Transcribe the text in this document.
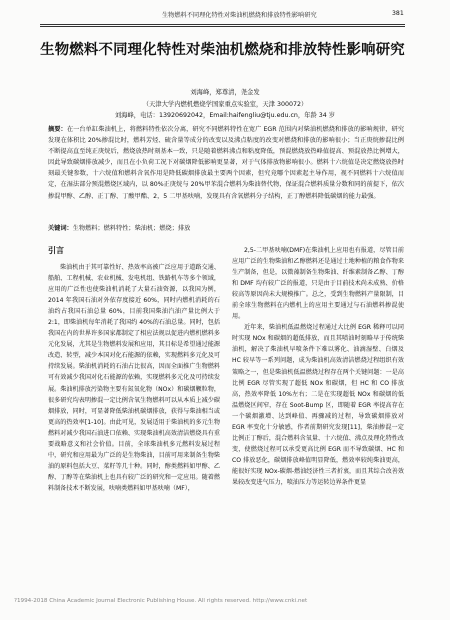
生物燃料不同理化特性对柴油机燃烧和排放特性影响研究	381
生物燃料不同理化特性对柴油机燃烧和排放特性影响研究
刘海峰，郑尊清，尧金发
（天津大学内燃机燃烧学国家重点实验室，天津 300072）
刘海峰，电话：13920692042，Email:haifengliu@tju.edu.cn，年龄 34 岁
摘要：在一台单缸柴油机上，将燃料特性依次分离，研究不同燃料特性在宽广 EGR 范围内对柴油机燃烧和排放的影响规律，研究发现在体积比 20%掺混比时，燃料芳烃、硫含量等成分的改变以及沸点粘度的改变对燃烧和排放的影响很小；当正庚烷掺混比例不断提高直至纯正庚烷后，燃烧放热时刻基本一致，只是随着燃料沸点和粘度降低，预混燃烧放热峰值提高、预混放热比例增大，因此导致碳烟排放减少，而且在小负荷工况下对碳烟降低影响更显著，对于气体排放物影响很小。燃料十六烷值是决定燃烧放热时刻最关键参数，十六烷值和燃料含氧作用是降低碳烟排放最主要两个因素，但究竟哪个因素起主导作用，视不同燃料十六烷值而定，在湿法部分预混燃烧区域内，以 80%正庚烷与 20%甲苯混合燃料为柴油替代物，保证混合燃料质量分数和同的前提下，依次掺混甲醇、乙醇、正丁醇、丁酸甲酯、2，5 二甲基呋喃，发现具有含氧燃料分子结构，正丁醇燃料降低碳烟的能力最强。
关键词：生物燃料；燃料特性；柴油机；燃烧；排放
引言
柴油机由于其可靠性好、热效率高被广泛应用于道路交通、船舶、工程机械、农业机械、发电机组、铁路机车等多个领域，应用的广泛性也使柴油机消耗了大量石油资源，以我国为例，2014 年我国石油对外依存度接近 60%，同时内燃机消耗的石油约占我国石油总量 60%，目前我国柴油汽油产量比例大于 2:1，即柴油机每年消耗了我国约 40%的石油总量。同时，包括我国在内的世界许多国家都制定了相应法规以促进内燃机燃料多元化发展，尤其是生物燃料发展和应用，其目标是希望通过能源改造、转型，减少本国对化石能源的依赖，实现燃料多元化及可持续发展。柴油机消耗的石油占比很高，因而全面推广生物燃料可有效减少我国对化石能源的依赖，实现燃料多元化及可持续发展。柴油机排放污染物主要有氮氧化物（NOx）和碳烟颗粒物，很多研究均表明掺混一定比例含氧生物燃料可以从本质上减少碳烟排放，同时，可显著降低柴油机碳烟排放，获得与柴油相当或更高的热效率[1-10]。由此可见，发展适用于柴油机的多元生物燃料对减少我国石油进口依赖、实现柴油机高效清洁燃烧具有重要战略意义和社会价值。目前，全球柴油机多元燃料发展过程中，研究和应用最为广泛的是生物柴油，目前可用来制备生物柴油的原料包括大豆、菜籽等几十种。同时，醇类燃料如甲醇、乙醇、丁醇等在柴油机上也具有较广泛的研究和一定应用。随着燃料制备技术不断发展，呋喃类燃料如甲基呋喃（MF），

2,5-二甲基呋喃(DMF)在柴油机上应用也有报道，尽管目前应用广泛的生物柴油和乙醇燃料还是通过土地种植的粮食作物来生产制备，但是，以微藻制备生物柴油、纤维素制备乙醇、丁醇和 DMF 均有较广泛的报道，只是由于目前技术尚未成熟、价格较高等原因尚未大规模推广。总之，受到生物燃料产量限制，目前全球生物燃料在内燃机上的应用主要通过与石油燃料掺混使用。

近年来，柴油机低温燃烧过程通过大比例 EGR 稀释可以同时实现 NOx 和碳烟的超低排放，而且其喷油时刻略早于传统柴油机，解决了柴油机早喷条件下难以雾化、油滴湿壁、白烟及 HC 较早等一系列问题，成为柴油机高效清洁燃烧过程组织有效策略之一，但是柴油机低温燃烧过程存在两个关键问题：一是高比例 EGR 尽管实现了超低 NOx 和碳烟，但 HC 和 CO 排放高，热效率降低 10%左右；二是在实现超低 NOx 和碳烟的低温燃烧区间窄，存在 Soot-Bump 区，即随着 EGR 率提高存在一个碳烟激增、达到峰值、再骤减的过程，导致碳烟排放对 EGR 率变化十分敏感，作者前期研究发现[11]，柴油掺混一定比例正丁醇后，混合燃料含氧量、十六烷值、沸点及理化特性改变，使燃烧过程可以承受更高比例 EGR 而不导致碳烟、HC 和 CO 排放恶化，碳烟排放峰值明显降低，燃效率较纯柴油更高，能很好实现 NOx-碳烟-燃油经济性三者折衷，而且其综合改善效果较改变进气压力，喷油压力等运转边界条件更显

?1994-2018 China Academic Journal Electronic Publishing House. All rights reserved. http://www.cnki.net
